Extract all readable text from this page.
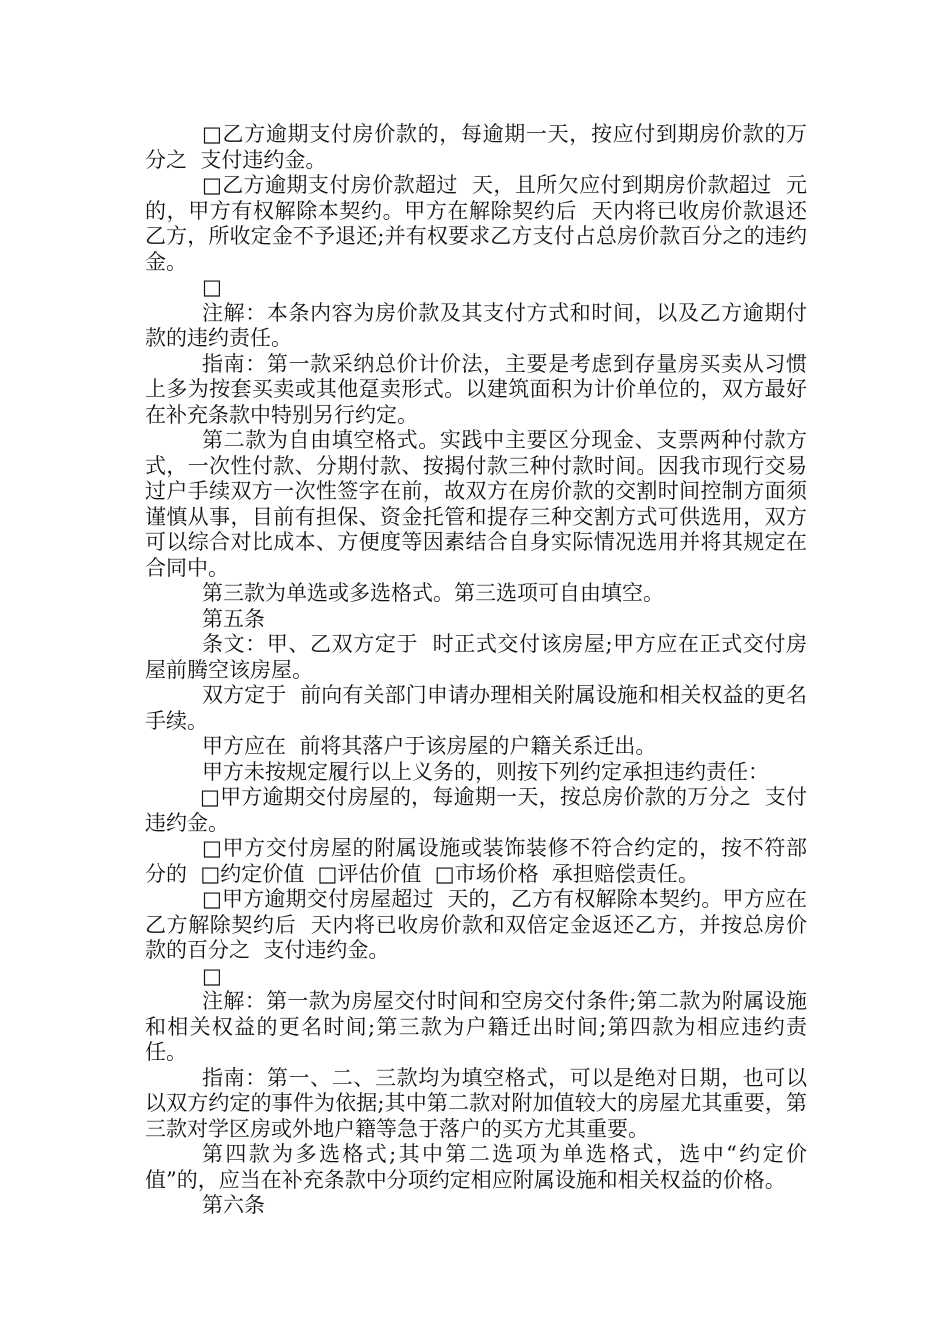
□乙方逾期支付房价款的，每逾期一天，按应付到期房价款的万分之  支付违约金。

□乙方逾期支付房价款超过  天，且所欠应付到期房价款超过  元的，甲方有权解除本契约。甲方在解除契约后  天内将已收房价款退还乙方，所收定金不予退还;并有权要求乙方支付占总房价款百分之的违约金。

□

注解：本条内容为房价款及其支付方式和时间，以及乙方逾期付款的违约责任。

指南：第一款采纳总价计价法，主要是考虑到存量房买卖从习惯上多为按套买卖或其他趸卖形式。以建筑面积为计价单位的，双方最好在补充条款中特别另行约定。

第二款为自由填空格式。实践中主要区分现金、支票两种付款方式，一次性付款、分期付款、按揭付款三种付款时间。因我市现行交易过户手续双方一次性签字在前，故双方在房价款的交割时间控制方面须谨慎从事，目前有担保、资金托管和提存三种交割方式可供选用，双方可以综合对比成本、方便度等因素结合自身实际情况选用并将其规定在合同中。

第三款为单选或多选格式。第三选项可自由填空。

第五条

条文：甲、乙双方定于  时正式交付该房屋;甲方应在正式交付房屋前腾空该房屋。

双方定于  前向有关部门申请办理相关附属设施和相关权益的更名手续。

甲方应在  前将其落户于该房屋的户籍关系迁出。

甲方未按规定履行以上义务的，则按下列约定承担违约责任：

□甲方逾期交付房屋的，每逾期一天，按总房价款的万分之  支付违约金。

□甲方交付房屋的附属设施或装饰装修不符合约定的，按不符部分的  □约定价值  □评估价值  □市场价格  承担赔偿责任。

□甲方逾期交付房屋超过  天的，乙方有权解除本契约。甲方应在乙方解除契约后  天内将已收房价款和双倍定金返还乙方，并按总房价款的百分之  支付违约金。

□

注解：第一款为房屋交付时间和空房交付条件;第二款为附属设施和相关权益的更名时间;第三款为户籍迁出时间;第四款为相应违约责任。

指南：第一、二、三款均为填空格式，可以是绝对日期，也可以以双方约定的事件为依据;其中第二款对附加值较大的房屋尤其重要，第三款对学区房或外地户籍等急于落户的买方尤其重要。

第四款为多选格式;其中第二选项为单选格式，选中“约定价值”的，应当在补充条款中分项约定相应附属设施和相关权益的价格。

第六条
